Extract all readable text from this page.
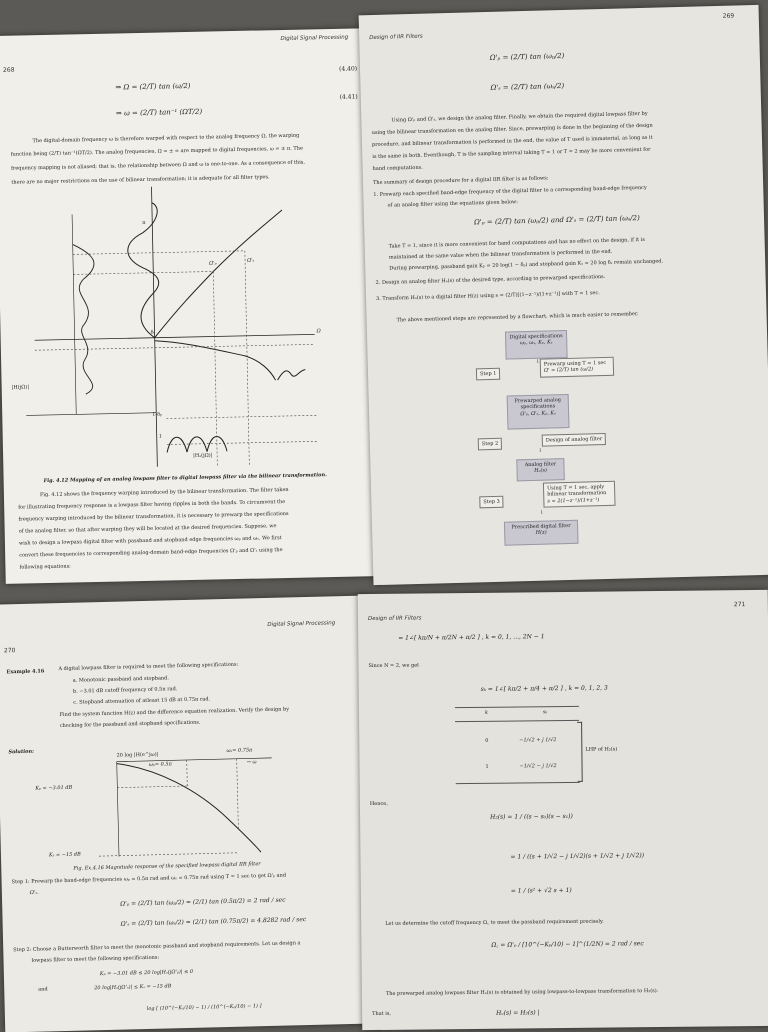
Digital Signal Processing
268
⇒ Ω = (2/T) tan (ω/2)
(4.40)
⇒ ω = (2/T) tan⁻¹ (ΩT/2)
(4.41)
The digital-domain frequency ω is therefore warped with respect to the analog frequency Ω, the warping
function being (2/T) tan⁻¹(ΩT/2). The analog frequencies, Ω = ± ∞ are mapped to digital frequencies, ω = ± π. The
frequency mapping is not aliased; that is, the relationship between Ω and ω is one-to-one. As a consequence of this,
there are no major restrictions on the use of bilinear transformation; it is adequate for all filter types.
Ω'ₚ	Ω'ₛ
Ω
δₛ
1-δₚ
1
|H(jΩ)|
|Hₐ(jΩ)|
π
Fig. 4.12 Mapping of an analog lowpass filter to digital lowpass filter via the bilinear transformation.
Fig. 4.12 shows the frequency warping introduced by the bilinear transformation. The filter taken
for illustrating frequency response is a lowpass filter having ripples in both the bands. To circumvent the
frequency warping introduced by the bilinear transformation, it is necessary to prewarp the specifications
of the analog filter, so that after warping they will be located at the desired frequencies. Suppose, we
wish to design a lowpass digital filter with passband and stopband edge frequencies ωₚ and ωₛ. We first
convert these frequencies to corresponding analog-domain band-edge frequencies Ω'ₚ and Ω'ₛ using the
following equations:
Design of IIR Filters
269
Ω'ₚ = (2/T) tan (ωₚ/2)
Ω'ₛ = (2/T) tan (ωₛ/2)
Using Ω'ₚ and Ω'ₛ, we design the analog filter. Finally, we obtain the required digital lowpass filter by
using the bilinear transformation on the analog filter. Since, prewarping is done in the beginning of the design
procedure, and bilinear transformation is performed in the end, the value of T used is immaterial, as long as it
is the same in both. Eventhough, T is the sampling interval taking T = 1 or T = 2 may be more convenient for
hand computations.
The summary of design procedure for a digital IIR filter is as follows:
1. Prewarp each specified band-edge frequency of the digital filter to a corresponding band-edge frequency
of an analog filter using the equations given below:
Ω'ₚ = (2/T) tan (ωₚ/2) and Ω'ₛ = (2/T) tan (ωₛ/2)
Take T = 1, since it is more convenient for hand computations and has no effect on the design, if it is
maintained at the same value when the bilinear transformation is performed in the end.
During prewarping, passband gain Kₚ = 20 log(1 − δₚ) and stopband gain Kₛ = 20 log δₛ remain unchanged.
2. Design an analog filter Hₐ(s) of the desired type, according to prewarped specifications.
3. Transform Hₐ(s) to a digital filter H(z) using s = (2/T)[(1−z⁻¹)/(1+z⁻¹)] with T = 1 sec.
The above mentioned steps are represented by a flowchart, which is much easier to remember.
Digital specifications
ωₚ, ωₛ, Kₚ, Kₛ
↓
Step 1
Prewarp using T = 1 sec
Ω' = (2/T) tan (ω/2)
Prewarped analog
specifications
Ω'ₚ, Ω'ₛ, Kₚ, Kₛ
Step 2
Design of analog filter
↓
Analog filter
Hₐ(s)
Step 3
Using T = 1 sec, apply
bilinear transformation
s = 2(1−z⁻¹)/(1+z⁻¹)
↓
Prescribed digital filter
H(z)
Digital Signal Processing
270
Example 4.16	A digital lowpass filter is required to meet the following specifications:
a. Monotonic passband and stopband.
b. −3.01 dB cutoff frequency of 0.5π rad.
c. Stopband attenuation of atleast 15 dB at 0.75π rad.
Find the system function H(z) and the difference equation realization. Verify the design by
checking for the passband and stopband specifications.
Solution:	20 log |H(e^jω)|
ωₚ= 0.5π
ωₛ= 0.75π
→ ω
Kₚ = −3.01 dB
Kₛ = −15 dB
Fig. Ex.4.16 Magnitude response of the specified lowpass digital IIR filter
Step 1: Prewarp the band-edge frequencies ωₚ = 0.5π rad and ωₛ = 0.75π rad using T = 1 sec to get Ω'ₚ and
Ω'ₛ.
Ω'ₚ = (2/T) tan (ωₚ/2) = (2/1) tan (0.5π/2) = 2 rad / sec
Ω'ₛ = (2/T) tan (ωₛ/2) = (2/1) tan (0.75π/2) = 4.8282 rad / sec
Step 2: Choose a Butterworth filter to meet the monotonic passband and stopband requirements. Let us design a
lowpass filter to meet the following specifications:
Kₚ = −3.01 dB ≤ 20 log|Hₐ(jΩ'ₚ)| ≤ 0
and	20 log|Hₐ(jΩ'ₛ)| ≤ Kₛ = −15 dB
log [ (10^(−Kₛ/10) − 1) / (10^(−Kₚ/10) − 1) ]
Design of IIR Filters
271
= 1∠[ kπ/N + π/2N + π/2 ] , k = 0, 1, ..., 2N − 1
Since N = 2, we get
sₖ = 1∠[ kπ/2 + π/4 + π/2 ] , k = 0, 1, 2, 3
k	sₖ
0	−1/√2 + j 1/√2
1	−1/√2 − j 1/√2
LHP of H₂(s)
Hence,
H₂(s) = 1 / ((s − s₀)(s − s₁))
= 1 / ((s + 1/√2 − j 1/√2)(s + 1/√2 + j 1/√2))
= 1 / (s² + √2 s + 1)
Let us determine the cutoff frequency Ω꜀ to meet the passband requirement precisely.
Ω꜀ = Ω'ₚ / [10^(−Kₚ/10) − 1]^(1/2N) = 2 rad / sec
The prewarped analog lowpass filter Hₐ(s) is obtained by using lowpass-to-lowpass transformation to H₂(s).
That is,	Hₐ(s) = H₂(s) |
